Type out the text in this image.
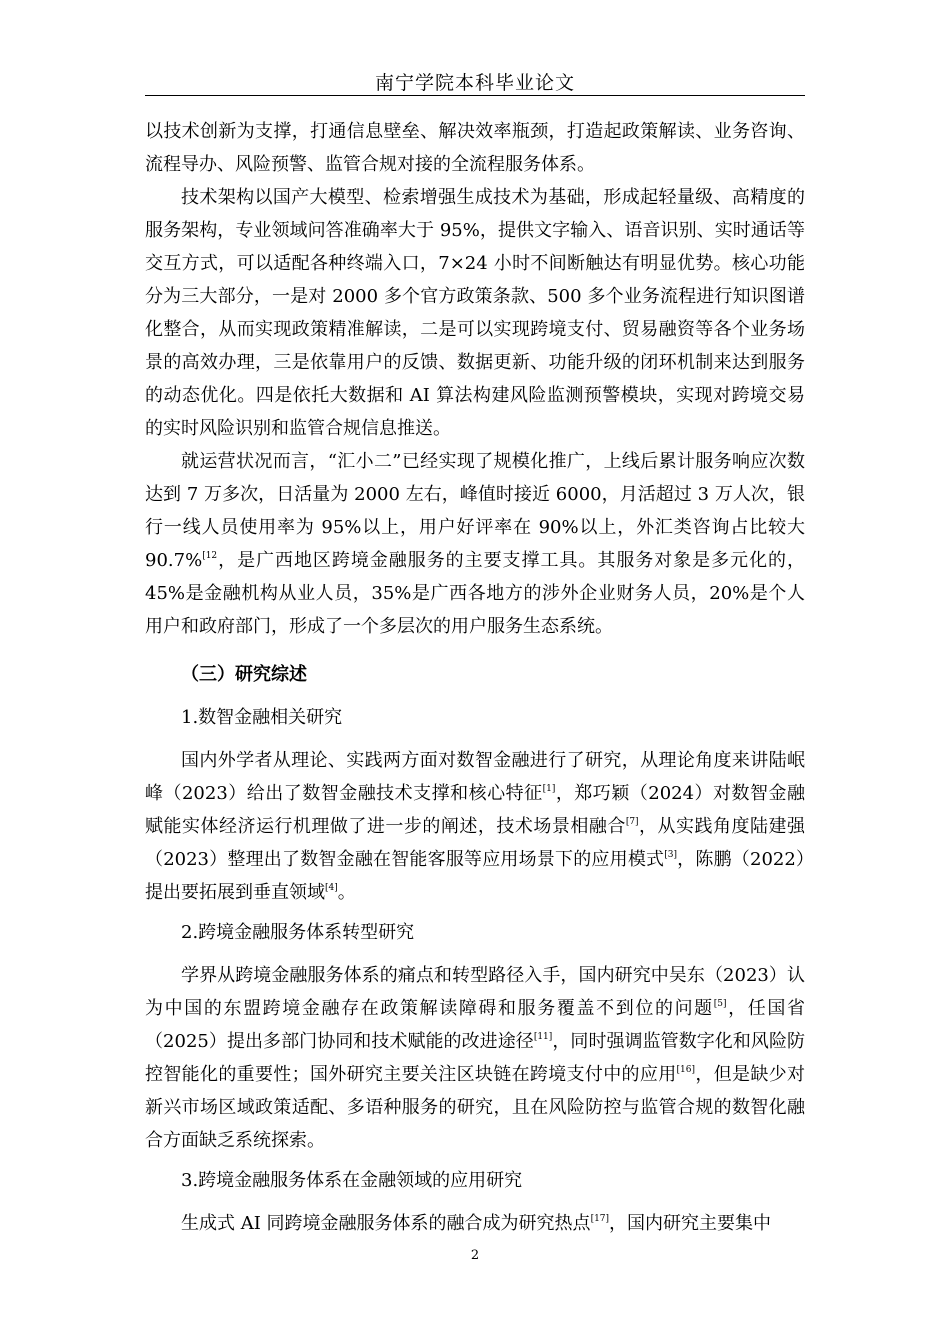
南宁学院本科毕业论文

以技术创新为支撑，打通信息壁垒、解决效率瓶颈，打造起政策解读、业务咨询、流程导办、风险预警、监管合规对接的全流程服务体系。

技术架构以国产大模型、检索增强生成技术为基础，形成起轻量级、高精度的服务架构，专业领域问答准确率大于 95%，提供文字输入、语音识别、实时通话等交互方式，可以适配各种终端入口，7×24 小时不间断触达有明显优势。核心功能分为三大部分，一是对 2000 多个官方政策条款、500 多个业务流程进行知识图谱化整合，从而实现政策精准解读，二是可以实现跨境支付、贸易融资等各个业务场景的高效办理，三是依靠用户的反馈、数据更新、功能升级的闭环机制来达到服务的动态优化。四是依托大数据和 AI 算法构建风险监测预警模块，实现对跨境交易的实时风险识别和监管合规信息推送。

就运营状况而言，“汇小二”已经实现了规模化推广，上线后累计服务响应次数达到 7 万多次，日活量为 2000 左右，峰值时接近 6000，月活超过 3 万人次，银行一线人员使用率为 95%以上，用户好评率在 90%以上，外汇类咨询占比较大 90.7%$^{[12}$，是广西地区跨境金融服务的主要支撑工具。其服务对象是多元化的，45%是金融机构从业人员，35%是广西各地方的涉外企业财务人员，20%是个人用户和政府部门，形成了一个多层次的用户服务生态系统。

（三）研究综述
1.数智金融相关研究

国内外学者从理论、实践两方面对数智金融进行了研究，从理论角度来讲陆岷峰（2023）给出了数智金融技术支撑和核心特征[1]，郑巧颖（2024）对数智金融赋能实体经济运行机理做了进一步的阐述，技术场景相融合[7]，从实践角度陆建强（2023）整理出了数智金融在智能客服等应用场景下的应用模式[3]，陈鹏（2022）提出要拓展到垂直领域[4]。

2.跨境金融服务体系转型研究

学界从跨境金融服务体系的痛点和转型路径入手，国内研究中吴东（2023）认为中国的东盟跨境金融存在政策解读障碍和服务覆盖不到位的问题[5]，任国省（2025）提出多部门协同和技术赋能的改进途径[11]，同时强调监管数字化和风险防控智能化的重要性；国外研究主要关注区块链在跨境支付中的应用[16]，但是缺少对新兴市场区域政策适配、多语种服务的研究，且在风险防控与监管合规的数智化融合方面缺乏系统探索。

3.跨境金融服务体系在金融领域的应用研究

生成式 AI 同跨境金融服务体系的融合成为研究热点[17]，国内研究主要集中

2
